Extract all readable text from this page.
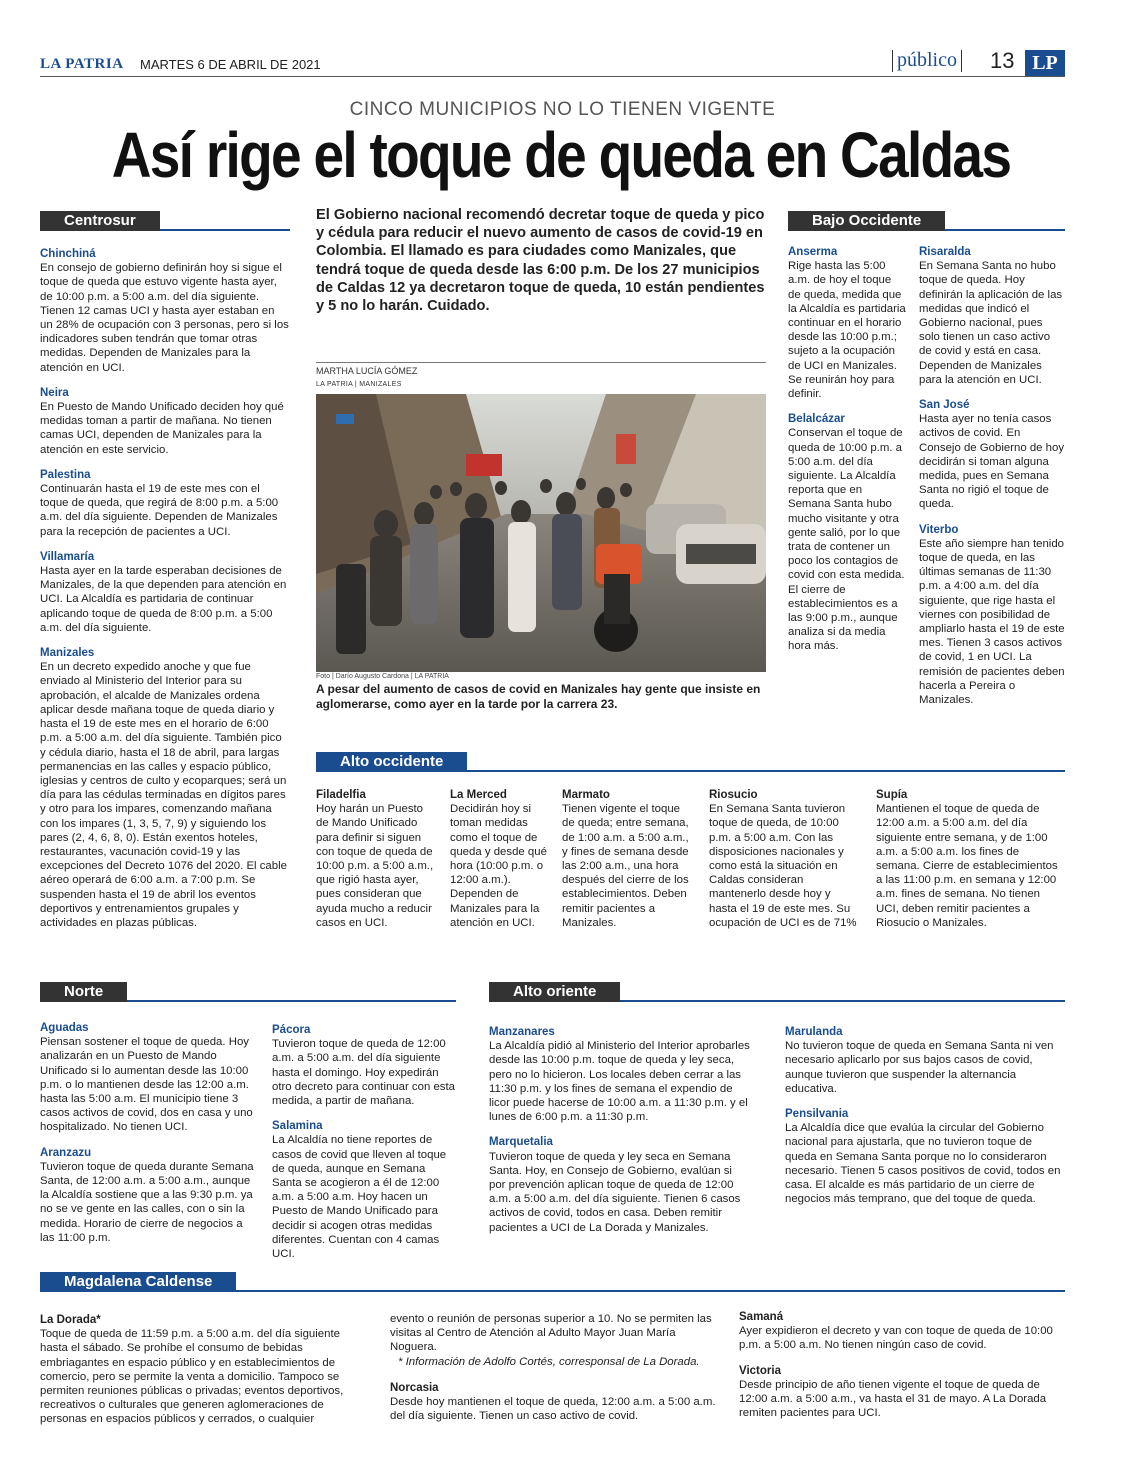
LA PATRIA MARTES 6 DE ABRIL DE 2021	público	13 LP
CINCO MUNICIPIOS NO LO TIENEN VIGENTE
Así rige el toque de queda en Caldas
Centrosur
Chinchiná

En consejo de gobierno definirán hoy si sigue el toque de queda que estuvo vigente hasta ayer, de 10:00 p.m. a 5:00 a.m. del día siguiente. Tienen 12 camas UCI y hasta ayer estaban en un 28% de ocupación con 3 personas, pero si los indicadores suben tendrán que tomar otras medidas. Dependen de Manizales para la atención en UCI.

Neira

En Puesto de Mando Unificado deciden hoy qué medidas toman a partir de mañana. No tienen camas UCI, dependen de Manizales para la atención en este servicio.

Palestina

Continuarán hasta el 19 de este mes con el toque de queda, que regirá de 8:00 p.m. a 5:00 a.m. del día siguiente. Dependen de Manizales para la recepción de pacientes a UCI.

Villamaría

Hasta ayer en la tarde esperaban decisiones de Manizales, de la que dependen para atención en UCI. La Alcaldía es partidaria de continuar aplicando toque de queda de 8:00 p.m. a 5:00 a.m. del día siguiente.

Manizales

En un decreto expedido anoche y que fue enviado al Ministerio del Interior para su aprobación, el alcalde de Manizales ordena aplicar desde mañana toque de queda diario y hasta el 19 de este mes en el horario de 6:00 p.m. a 5:00 a.m. del día siguiente. También pico y cédula diario, hasta el 18 de abril, para largas permanencias en las calles y espacio público, iglesias y centros de culto y ecoparques; será un día para las cédulas terminadas en dígitos pares y otro para los impares, comenzando mañana con los impares (1, 3, 5, 7, 9) y siguiendo los pares (2, 4, 6, 8, 0). Están exentos hoteles, restaurantes, vacunación covid-19 y las excepciones del Decreto 1076 del 2020. El cable aéreo operará de 6:00 a.m. a 7:00 p.m. Se suspenden hasta el 19 de abril los eventos deportivos y entrenamientos grupales y actividades en plazas públicas.

El Gobierno nacional recomendó decretar toque de queda y pico y cédula para reducir el nuevo aumento de casos de covid-19 en Colombia. El llamado es para ciudades como Manizales, que tendrá toque de queda desde las 6:00 p.m. De los 27 municipios de Caldas 12 ya decretaron toque de queda, 10 están pendientes y 5 no lo harán. Cuidado.
MARTHA LUCÍA GÓMEZ
LA PATRIA | MANIZALES
Foto | Darío Augusto Cardona | LA PATRIA
A pesar del aumento de casos de covid en Manizales hay gente que insiste en aglomerarse, como ayer en la tarde por la carrera 23.
Bajo Occidente
Anserma

Rige hasta las 5:00 a.m. de hoy el toque de queda, medida que la Alcaldía es partidaria continuar en el horario desde las 10:00 p.m.; sujeto a la ocupación de UCI en Manizales. Se reunirán hoy para definir.

Belalcázar

Conservan el toque de queda de 10:00 p.m. a 5:00 a.m. del día siguiente. La Alcaldía reporta que en Semana Santa hubo mucho visitante y otra gente salió, por lo que trata de contener un poco los contagios de covid con esta medida. El cierre de establecimientos es a las 9:00 p.m., aunque analiza si da media hora más.

Risaralda

En Semana Santa no hubo toque de queda. Hoy definirán la aplicación de las medidas que indicó el Gobierno nacional, pues solo tienen un caso activo de covid y está en casa. Dependen de Manizales para la atención en UCI.

San José

Hasta ayer no tenía casos activos de covid. En Consejo de Gobierno de hoy decidirán si toman alguna medida, pues en Semana Santa no rigió el toque de queda.

Viterbo

Este año siempre han tenido toque de queda, en las últimas semanas de 11:30 p.m. a 4:00 a.m. del día siguiente, que rige hasta el viernes con posibilidad de ampliarlo hasta el 19 de este mes. Tienen 3 casos activos de covid, 1 en UCI. La remisión de pacientes deben hacerla a Pereira o Manizales.

Alto occidente
Filadelfia

Hoy harán un Puesto de Mando Unificado para definir si siguen con toque de queda de 10:00 p.m. a 5:00 a.m., que rigió hasta ayer, pues consideran que ayuda mucho a reducir casos en UCI.

La Merced

Decidirán hoy si toman medidas como el toque de queda y desde qué hora (10:00 p.m. o 12:00 a.m.). Dependen de Manizales para la atención en UCI.

Marmato

Tienen vigente el toque de queda; entre semana, de 1:00 a.m. a 5:00 a.m., y fines de semana desde las 2:00 a.m., una hora después del cierre de los establecimientos. Deben remitir pacientes a Manizales.

Riosucio

En Semana Santa tuvieron toque de queda, de 10:00 p.m. a 5:00 a.m. Con las disposiciones nacionales y como está la situación en Caldas consideran mantenerlo desde hoy y hasta el 19 de este mes. Su ocupación de UCI es de 71%

Supía

Mantienen el toque de queda de 12:00 a.m. a 5:00 a.m. del día siguiente entre semana, y de 1:00 a.m. a 5:00 a.m. los fines de semana. Cierre de establecimientos a las 11:00 p.m. en semana y 12:00 a.m. fines de semana. No tienen UCI, deben remitir pacientes a Riosucio o Manizales.

Norte
Aguadas

Piensan sostener el toque de queda. Hoy analizarán en un Puesto de Mando Unificado si lo aumentan desde las 10:00 p.m. o lo mantienen desde las 12:00 a.m. hasta las 5:00 a.m. El municipio tiene 3 casos activos de covid, dos en casa y uno hospitalizado. No tienen UCI.

Aranzazu

Tuvieron toque de queda durante Semana Santa, de 12:00 a.m. a 5:00 a.m., aunque la Alcaldía sostiene que a las 9:30 p.m. ya no se ve gente en las calles, con o sin la medida. Horario de cierre de negocios a las 11:00 p.m.

Pácora

Tuvieron toque de queda de 12:00 a.m. a 5:00 a.m. del día siguiente hasta el domingo. Hoy expedirán otro decreto para continuar con esta medida, a partir de mañana.

Salamina

La Alcaldía no tiene reportes de casos de covid que lleven al toque de queda, aunque en Semana Santa se acogieron a él de 12:00 a.m. a 5:00 a.m. Hoy hacen un Puesto de Mando Unificado para decidir si acogen otras medidas diferentes. Cuentan con 4 camas UCI.

Alto oriente
Manzanares

La Alcaldía pidió al Ministerio del Interior aprobarles desde las 10:00 p.m. toque de queda y ley seca, pero no lo hicieron. Los locales deben cerrar a las 11:30 p.m. y los fines de semana el expendio de licor puede hacerse de 10:00 a.m. a 11:30 p.m. y el lunes de 6:00 p.m. a 11:30 p.m.

Marquetalia

Tuvieron toque de queda y ley seca en Semana Santa. Hoy, en Consejo de Gobierno, evalúan si por prevención aplican toque de queda de 12:00 a.m. a 5:00 a.m. del día siguiente. Tienen 6 casos activos de covid, todos en casa. Deben remitir pacientes a UCI de La Dorada y Manizales.

Marulanda

No tuvieron toque de queda en Semana Santa ni ven necesario aplicarlo por sus bajos casos de covid, aunque tuvieron que suspender la alternancia educativa.

Pensilvania

La Alcaldía dice que evalúa la circular del Gobierno nacional para ajustarla, que no tuvieron toque de queda en Semana Santa porque no lo consideraron necesario. Tienen 5 casos positivos de covid, todos en casa. El alcalde es más partidario de un cierre de negocios más temprano, que del toque de queda.

Magdalena Caldense
La Dorada*

Toque de queda de 11:59 p.m. a 5:00 a.m. del día siguiente hasta el sábado. Se prohíbe el consumo de bebidas embriagantes en espacio público y en establecimientos de comercio, pero se permite la venta a domicilio. Tampoco se permiten reuniones públicas o privadas; eventos deportivos, recreativos o culturales que generen aglomeraciones de personas en espacios públicos y cerrados, o cualquier

evento o reunión de personas superior a 10. No se permiten las visitas al Centro de Atención al Adulto Mayor Juan María Noguera.

* Información de Adolfo Cortés, corresponsal de La Dorada.

Norcasia

Desde hoy mantienen el toque de queda, 12:00 a.m. a 5:00 a.m. del día siguiente. Tienen un caso activo de covid.

Samaná

Ayer expidieron el decreto y van con toque de queda de 10:00 p.m. a 5:00 a.m. No tienen ningún caso de covid.

Victoria

Desde principio de año tienen vigente el toque de queda de 12:00 a.m. a 5:00 a.m., va hasta el 31 de mayo. A La Dorada remiten pacientes para UCI.
